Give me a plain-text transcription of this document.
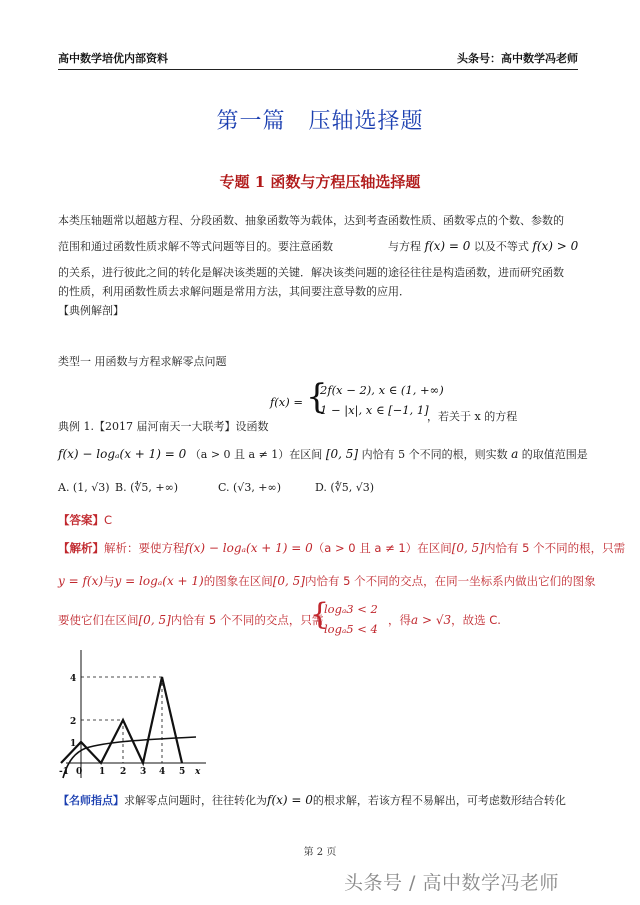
高中数学培优内部资料	头条号：高中数学冯老师
第一篇　压轴选择题
专题 1 函数与方程压轴选择题
本类压轴题常以超越方程、分段函数、抽象函数等为载体，达到考查函数性质、函数零点的个数、参数的
范围和通过函数性质求解不等式问题等目的。要注意函数	与方程 f(x) = 0 以及不等式 f(x) > 0
的关系，进行彼此之间的转化是解决该类题的关键．解决该类问题的途径往往是构造函数，进而研究函数
的性质，利用函数性质去求解问题是常用方法，其间要注意导数的应用．
【典例解剖】
类型一 用函数与方程求解零点问题
f(x) = {
2f(x − 2), x ∈ (1, +∞)
1 − |x|, x ∈ [−1, 1]
典例 1.【2017 届河南天一大联考】设函数
，若关于 x 的方程
f(x) − logₐ(x + 1) = 0 （a > 0 且 a ≠ 1）在区间 [0, 5] 内恰有 5 个不同的根，则实数 a 的取值范围是
A. (1, √3) B. (∜5, +∞)	C. (√3, +∞)	D. (∜5, √3)
【答案】C
【解析】解析：要使方程f(x) − logₐ(x + 1) = 0（a > 0 且 a ≠ 1）在区间[0, 5]内恰有 5 个不同的根，只需
y = f(x)与y = logₐ(x + 1)的图象在区间[0, 5]内恰有 5 个不同的交点，在同一坐标系内做出它们的图象
要使它们在区间[0, 5]内恰有 5 个不同的交点，只需
{
logₐ3 < 2
logₐ5 < 4
，得a > √3，故选 C.
4
2
1
-1 0 1 2 3 4 5 x
【名师指点】求解零点问题时，往往转化为f(x) = 0的根求解，若该方程不易解出，可考虑数形结合转化
第 2 页
头条号 / 高中数学冯老师
